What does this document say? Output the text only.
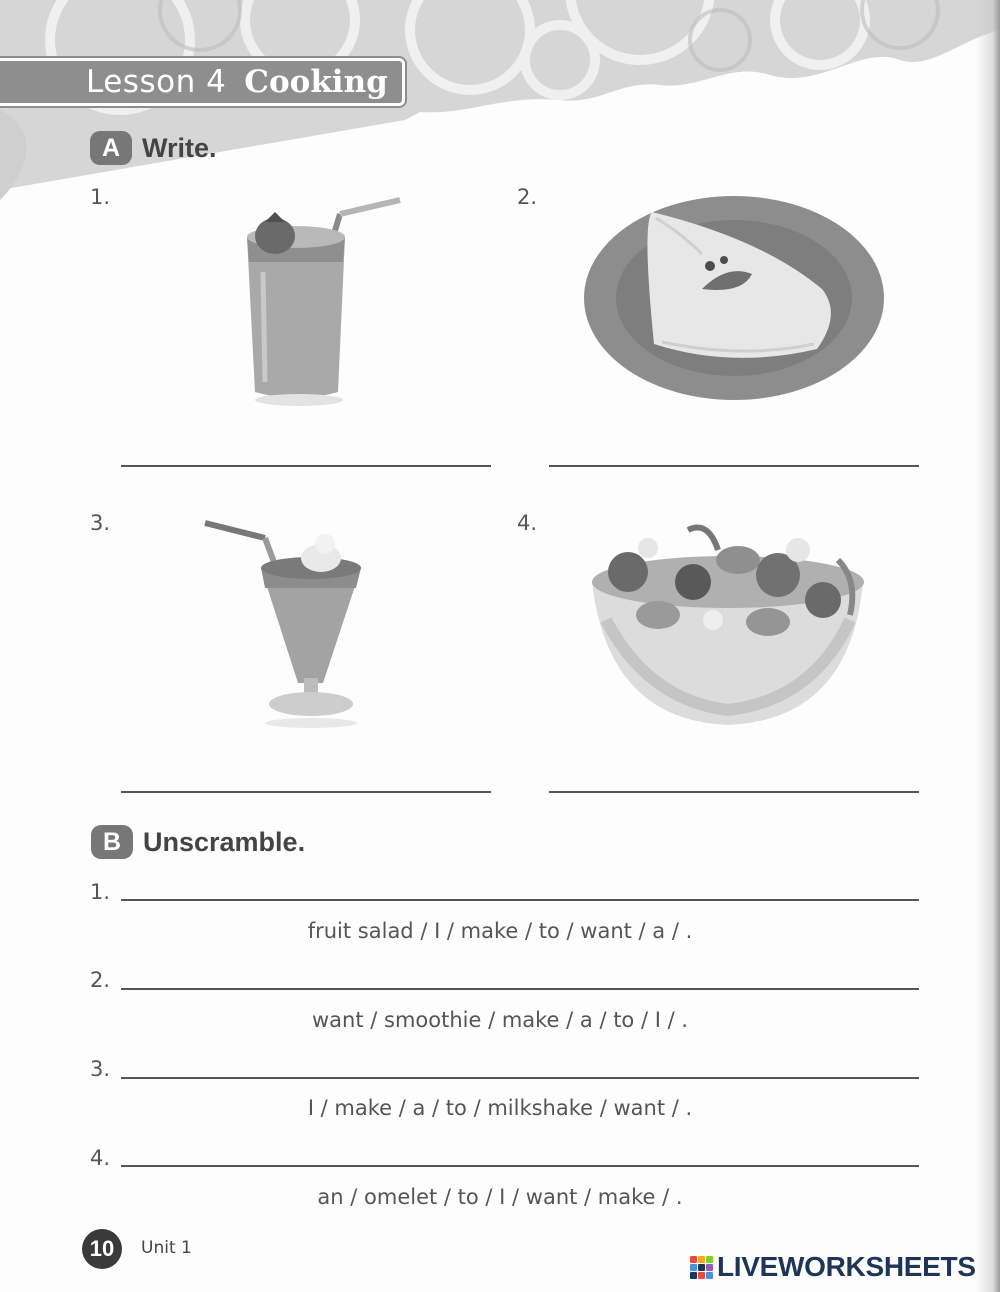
Lesson 4 Cooking
A Write.
1.	2.
3.	4.
B Unscramble.
1.
fruit salad / I / make / to / want / a / .
2.
want / smoothie / make / a / to / I / .
3.
I / make / a / to / milkshake / want / .
4.
an / omelet / to / I / want / make / .
10	Unit 1
LIVEWORKSHEETS
